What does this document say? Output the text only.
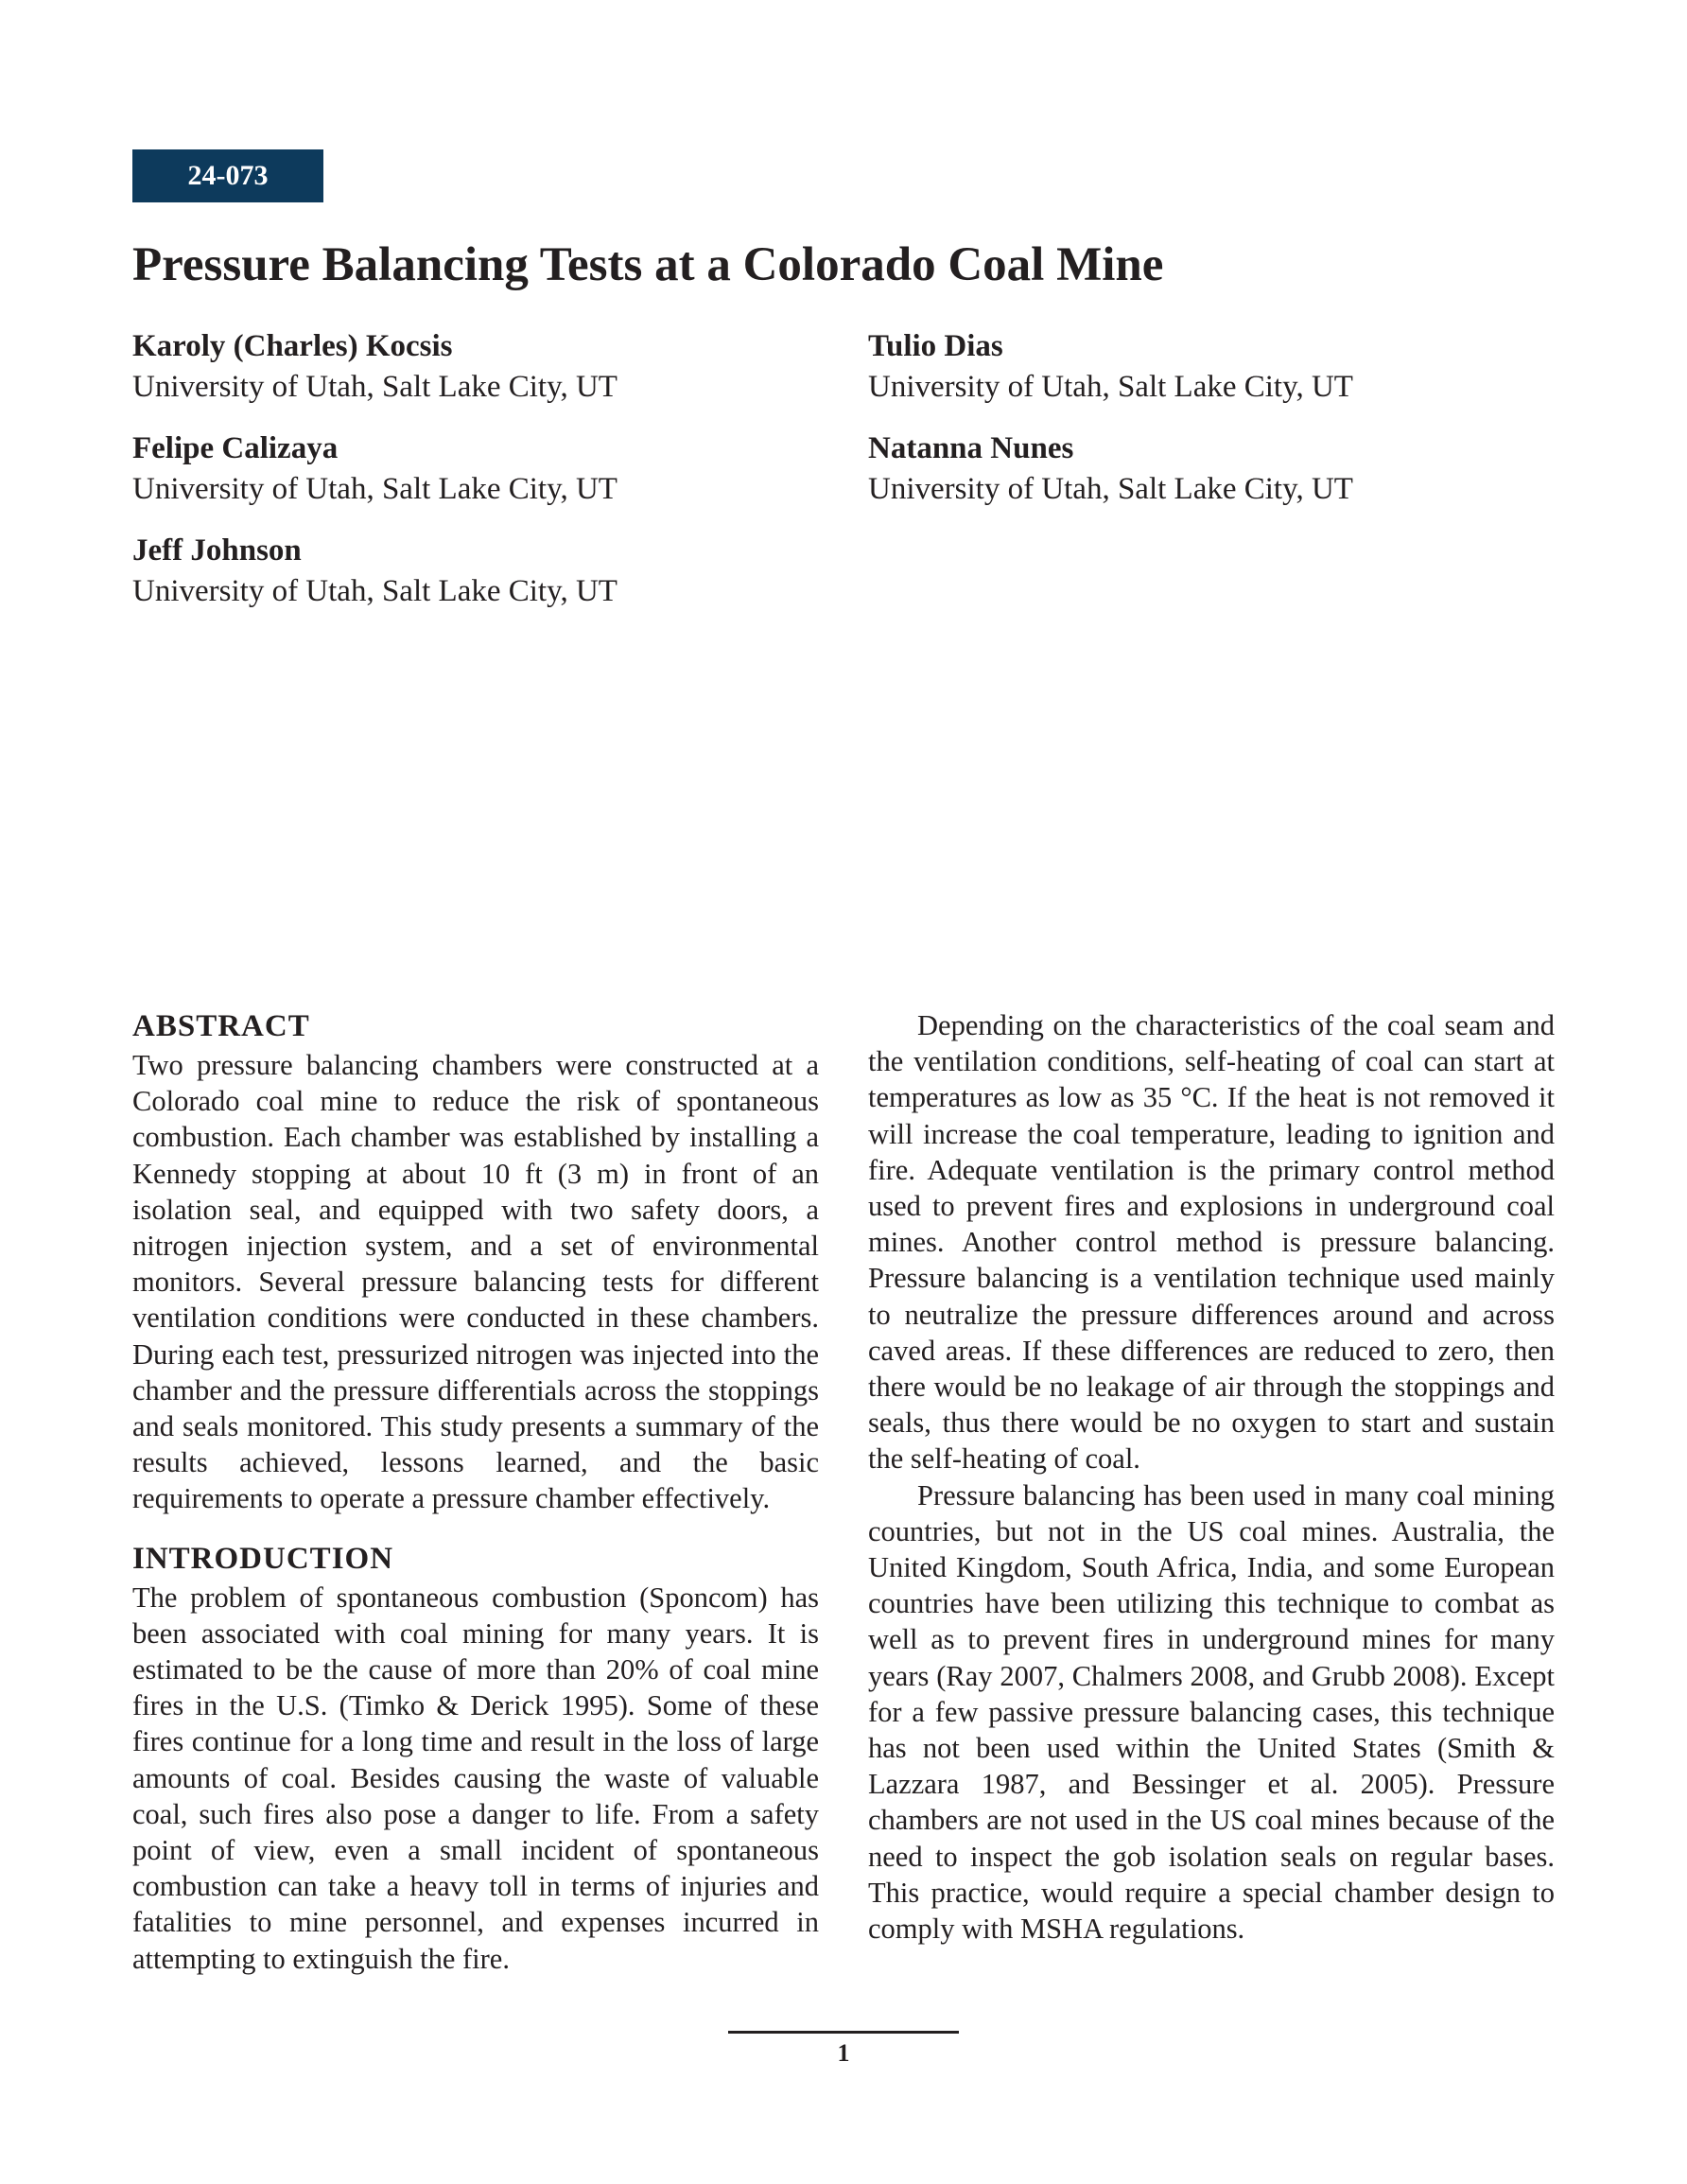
24-073
Pressure Balancing Tests at a Colorado Coal Mine
Karoly (Charles) Kocsis
University of Utah, Salt Lake City, UT
Tulio Dias
University of Utah, Salt Lake City, UT
Felipe Calizaya
University of Utah, Salt Lake City, UT
Natanna Nunes
University of Utah, Salt Lake City, UT
Jeff Johnson
University of Utah, Salt Lake City, UT
ABSTRACT

Two pressure balancing chambers were constructed at a Colorado coal mine to reduce the risk of spontaneous combustion. Each chamber was established by installing a Kennedy stopping at about 10 ft (3 m) in front of an isolation seal, and equipped with two safety doors, a nitrogen injection system, and a set of environmental monitors. Several pressure balancing tests for different ventilation conditions were conducted in these chambers. During each test, pressurized nitrogen was injected into the chamber and the pressure differentials across the stoppings and seals monitored. This study presents a summary of the results achieved, lessons learned, and the basic requirements to operate a pressure chamber effectively.

INTRODUCTION

The problem of spontaneous combustion (Sponcom) has been associated with coal mining for many years. It is estimated to be the cause of more than 20% of coal mine fires in the U.S. (Timko & Derick 1995). Some of these fires continue for a long time and result in the loss of large amounts of coal. Besides causing the waste of valuable coal, such fires also pose a danger to life. From a safety point of view, even a small incident of spontaneous combustion can take a heavy toll in terms of injuries and fatalities to mine personnel, and expenses incurred in attempting to extinguish the fire.

Depending on the characteristics of the coal seam and the ventilation conditions, self-heating of coal can start at temperatures as low as 35 °C. If the heat is not removed it will increase the coal temperature, leading to ignition and fire. Adequate ventilation is the primary control method used to prevent fires and explosions in underground coal mines. Another control method is pressure balancing. Pressure balancing is a ventilation technique used mainly to neutralize the pressure differences around and across caved areas. If these differences are reduced to zero, then there would be no leakage of air through the stoppings and seals, thus there would be no oxygen to start and sustain the self-heating of coal.

Pressure balancing has been used in many coal mining countries, but not in the US coal mines. Australia, the United Kingdom, South Africa, India, and some European countries have been utilizing this technique to combat as well as to prevent fires in underground mines for many years (Ray 2007, Chalmers 2008, and Grubb 2008). Except for a few passive pressure balancing cases, this technique has not been used within the United States (Smith & Lazzara 1987, and Bessinger et al. 2005). Pressure chambers are not used in the US coal mines because of the need to inspect the gob isolation seals on regular bases. This practice, would require a special chamber design to comply with MSHA regulations.

1
